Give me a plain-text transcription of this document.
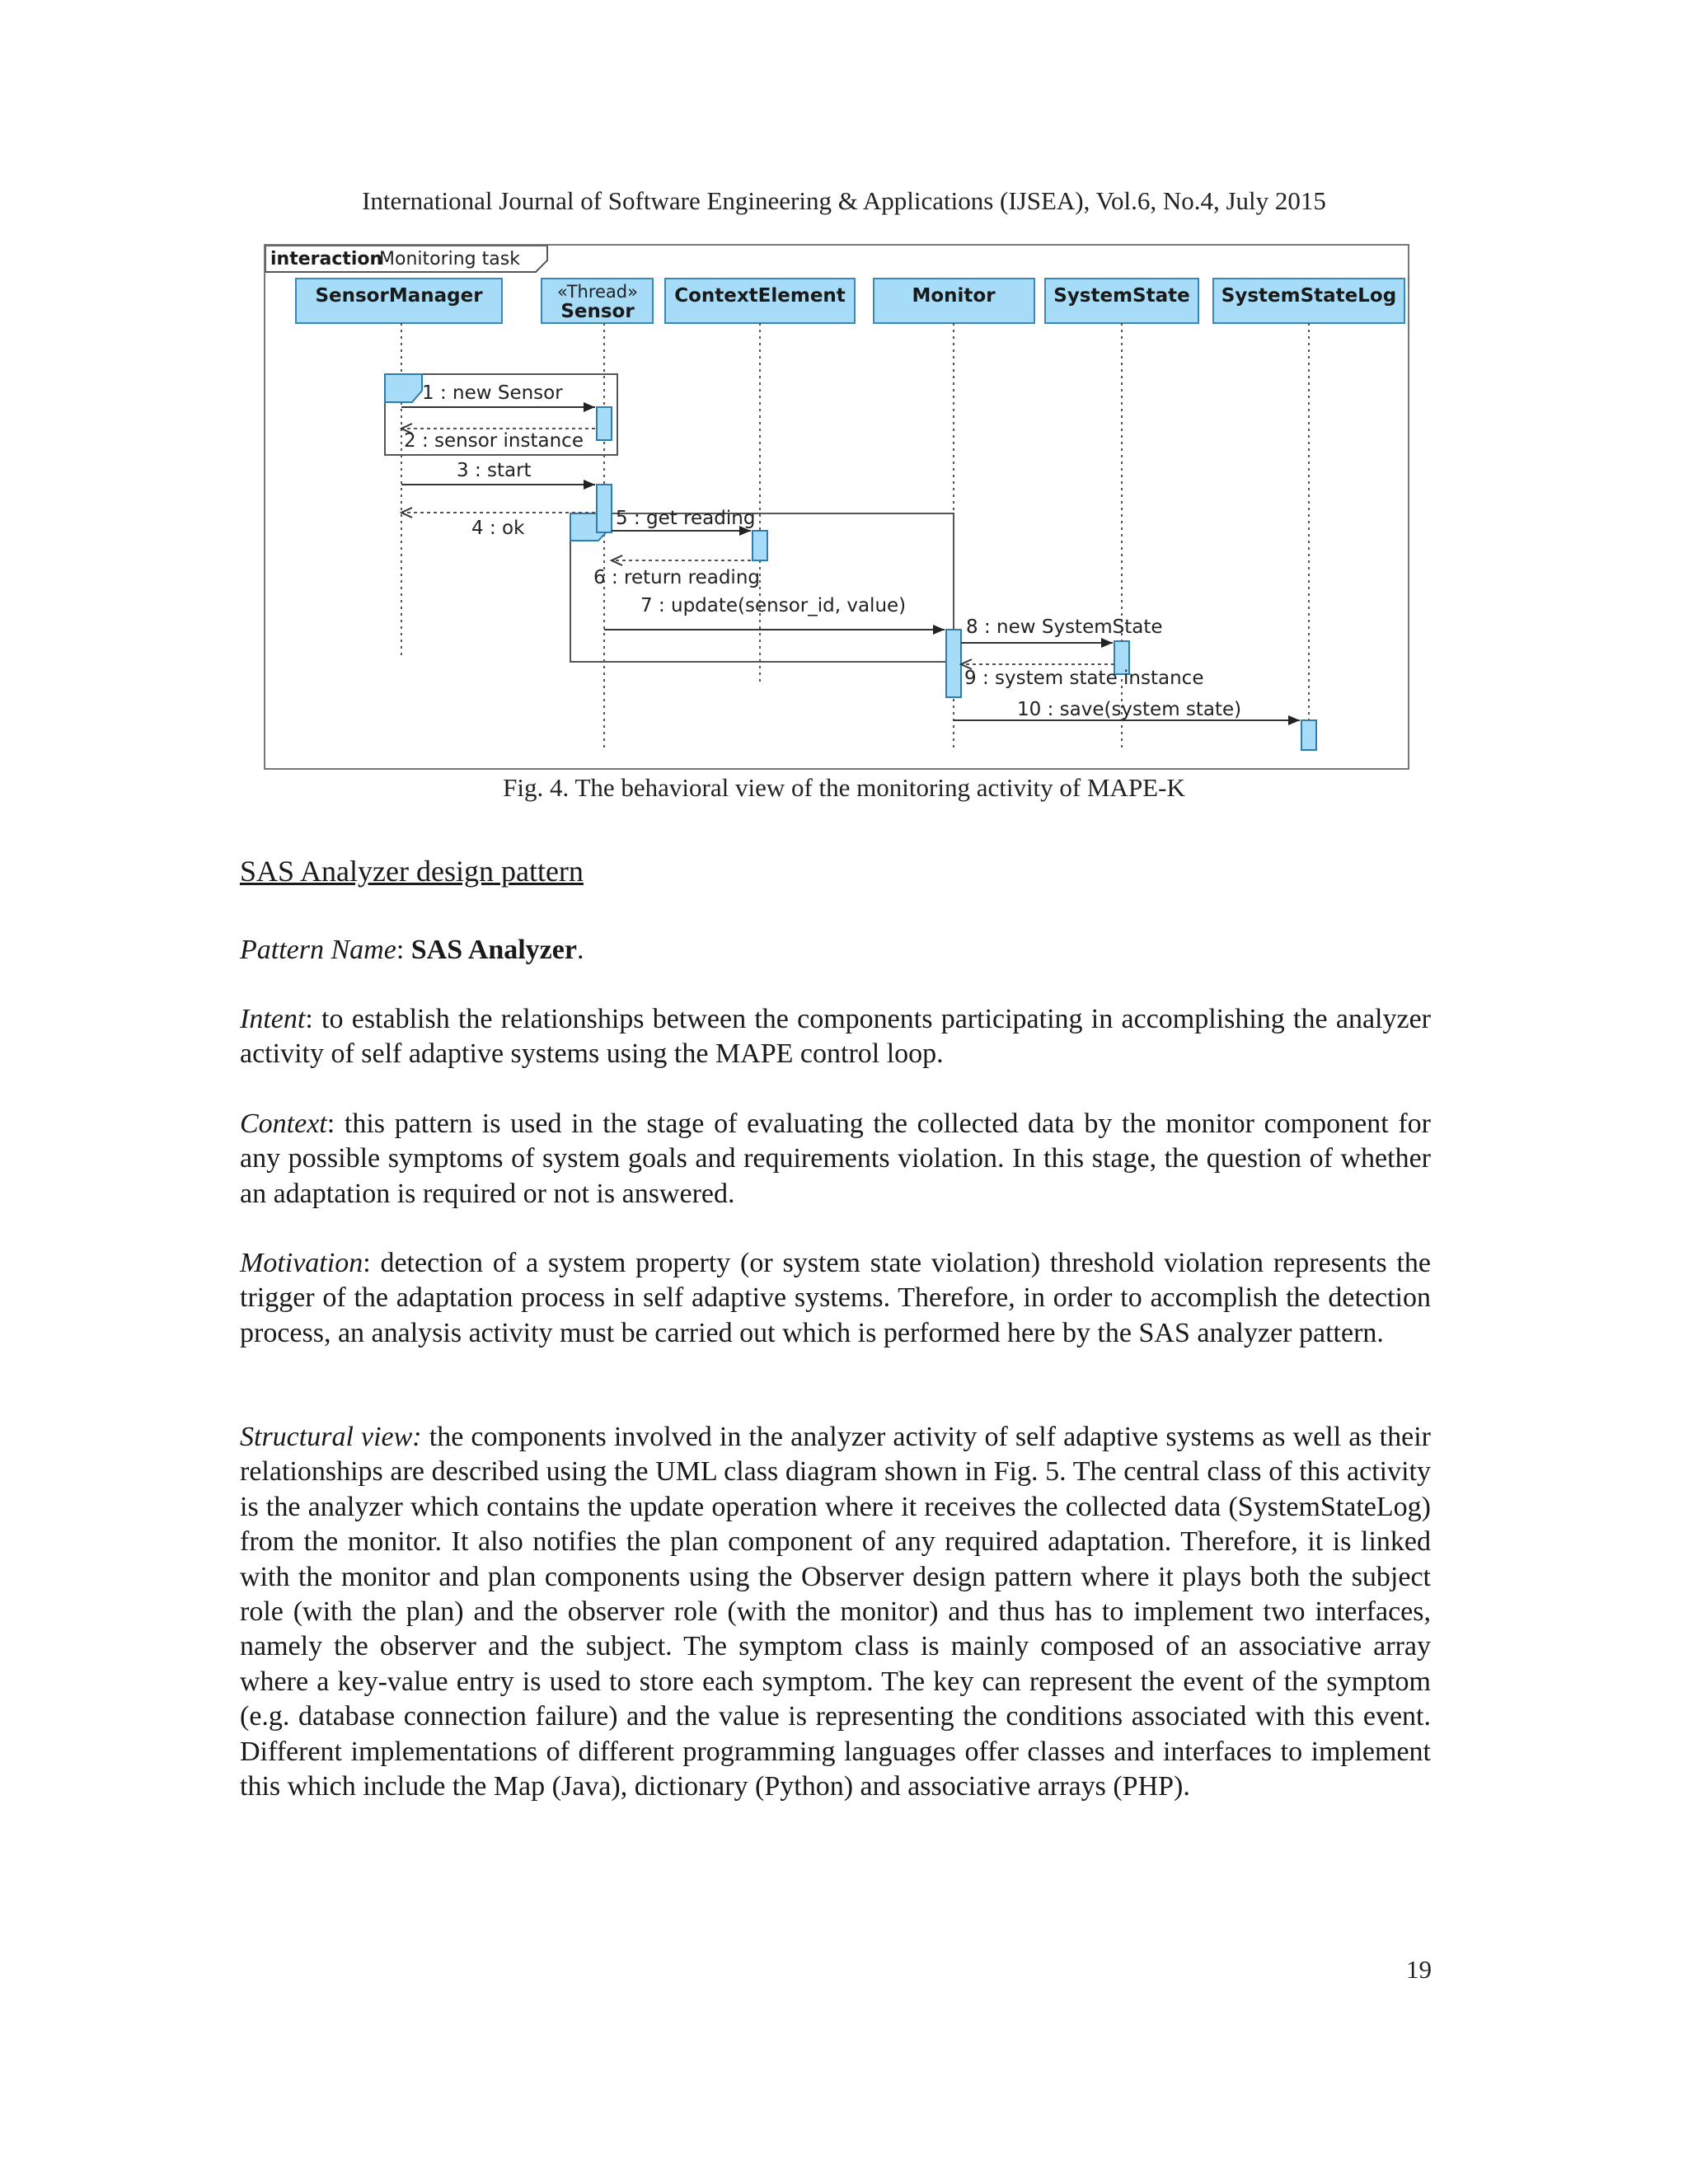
International Journal of Software Engineering & Applications (IJSEA), Vol.6, No.4, July 2015
interaction
Monitoring task
SensorManager	«Thread»
Sensor
ContextElement	Monitor	SystemState SystemStateLog
1 : new Sensor
2 : sensor instance
3 : start
4 : ok	5 : get reading
6 : return reading
7 : update(sensor_id, value)
8 : new SystemState
9 : system state instance
10 : save(system state)
Fig. 4. The behavioral view of the monitoring activity of MAPE-K
SAS Analyzer design pattern

Pattern Name: SAS Analyzer.

Intent: to establish the relationships between the components participating in accomplishing the analyzer activity of self adaptive systems using the MAPE control loop.

Context: this pattern is used in the stage of evaluating the collected data by the monitor component for any possible symptoms of system goals and requirements violation. In this stage, the question of whether an adaptation is required or not is answered.

Motivation: detection of a system property (or system state violation) threshold violation represents the trigger of the adaptation process in self adaptive systems. Therefore, in order to accomplish the detection process, an analysis activity must be carried out which is performed here by the SAS analyzer pattern.

Structural view: the components involved in the analyzer activity of self adaptive systems as well as their relationships are described using the UML class diagram shown in Fig. 5. The central class of this activity is the analyzer which contains the update operation where it receives the collected data (SystemStateLog) from the monitor. It also notifies the plan component of any required adaptation. Therefore, it is linked with the monitor and plan components using the Observer design pattern where it plays both the subject role (with the plan) and the observer role (with the monitor) and thus has to implement two interfaces, namely the observer and the subject. The symptom class is mainly composed of an associative array where a key-value entry is used to store each symptom. The key can represent the event of the symptom (e.g. database connection failure) and the value is representing the conditions associated with this event. Different implementations of different programming languages offer classes and interfaces to implement this which include the Map (Java), dictionary (Python) and associative arrays (PHP).

19
